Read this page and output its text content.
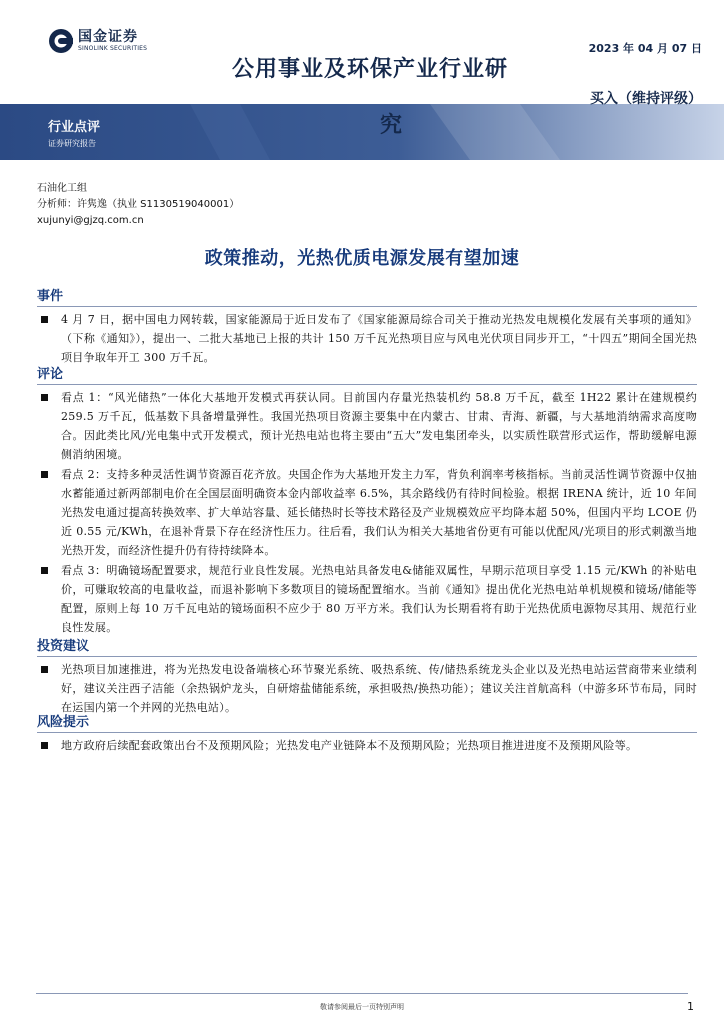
国金证券
SINOLINK SECURITIES	2023 年 04 月 07 日
公用事业及环保产业行业研
买入（维持评级）
究
行业点评
证券研究报告
石油化工组
分析师：许隽逸（执业 S1130519040001）
xujunyi@gjzq.com.cn
政策推动，光热优质电源发展有望加速
事件
4 月 7 日，据中国电力网转载，国家能源局于近日发布了《国家能源局综合司关于推动光热发电规模化发展有关事项的通知》（下称《通知》），提出一、二批大基地已上报的共计 150 万千瓦光热项目应与风电光伏项目同步开工，“十四五”期间全国光热项目争取年开工 300 万千瓦。
评论
看点 1：“风光储热”一体化大基地开发模式再获认同。目前国内存量光热装机约 58.8 万千瓦，截至 1H22 累计在建规模约 259.5 万千瓦，低基数下具备增量弹性。我国光热项目资源主要集中在内蒙古、甘肃、青海、新疆，与大基地消纳需求高度吻合。因此类比风/光电集中式开发模式，预计光热电站也将主要由“五大”发电集团牵头，以实质性联营形式运作，帮助缓解电源侧消纳困境。
看点 2：支持多种灵活性调节资源百花齐放。央国企作为大基地开发主力军，背负利润率考核指标。当前灵活性调节资源中仅抽水蓄能通过新两部制电价在全国层面明确资本金内部收益率 6.5%，其余路线仍有待时间检验。根据 IRENA 统计，近 10 年间光热发电通过提高转换效率、扩大单站容量、延长储热时长等技术路径及产业规模效应平均降本超 50%，但国内平均 LCOE 仍近 0.55 元/KWh，在退补背景下存在经济性压力。往后看，我们认为相关大基地省份更有可能以优配风/光项目的形式刺激当地光热开发，而经济性提升仍有待持续降本。
看点 3：明确镜场配置要求，规范行业良性发展。光热电站具备发电&储能双属性，早期示范项目享受 1.15 元/KWh 的补贴电价，可赚取较高的电量收益，而退补影响下多数项目的镜场配置缩水。当前《通知》提出优化光热电站单机规模和镜场/储能等配置，原则上每 10 万千瓦电站的镜场面积不应少于 80 万平方米。我们认为长期看将有助于光热优质电源物尽其用、规范行业良性发展。
投资建议
光热项目加速推进，将为光热发电设备端核心环节聚光系统、吸热系统、传/储热系统龙头企业以及光热电站运营商带来业绩利好，建议关注西子洁能（余热锅炉龙头，自研熔盐储能系统，承担吸热/换热功能）；建议关注首航高科（中游多环节布局，同时在运国内第一个并网的光热电站）。
风险提示
地方政府后续配套政策出台不及预期风险；光热发电产业链降本不及预期风险；光热项目推进进度不及预期风险等。
敬请参阅最后一页特别声明	1
